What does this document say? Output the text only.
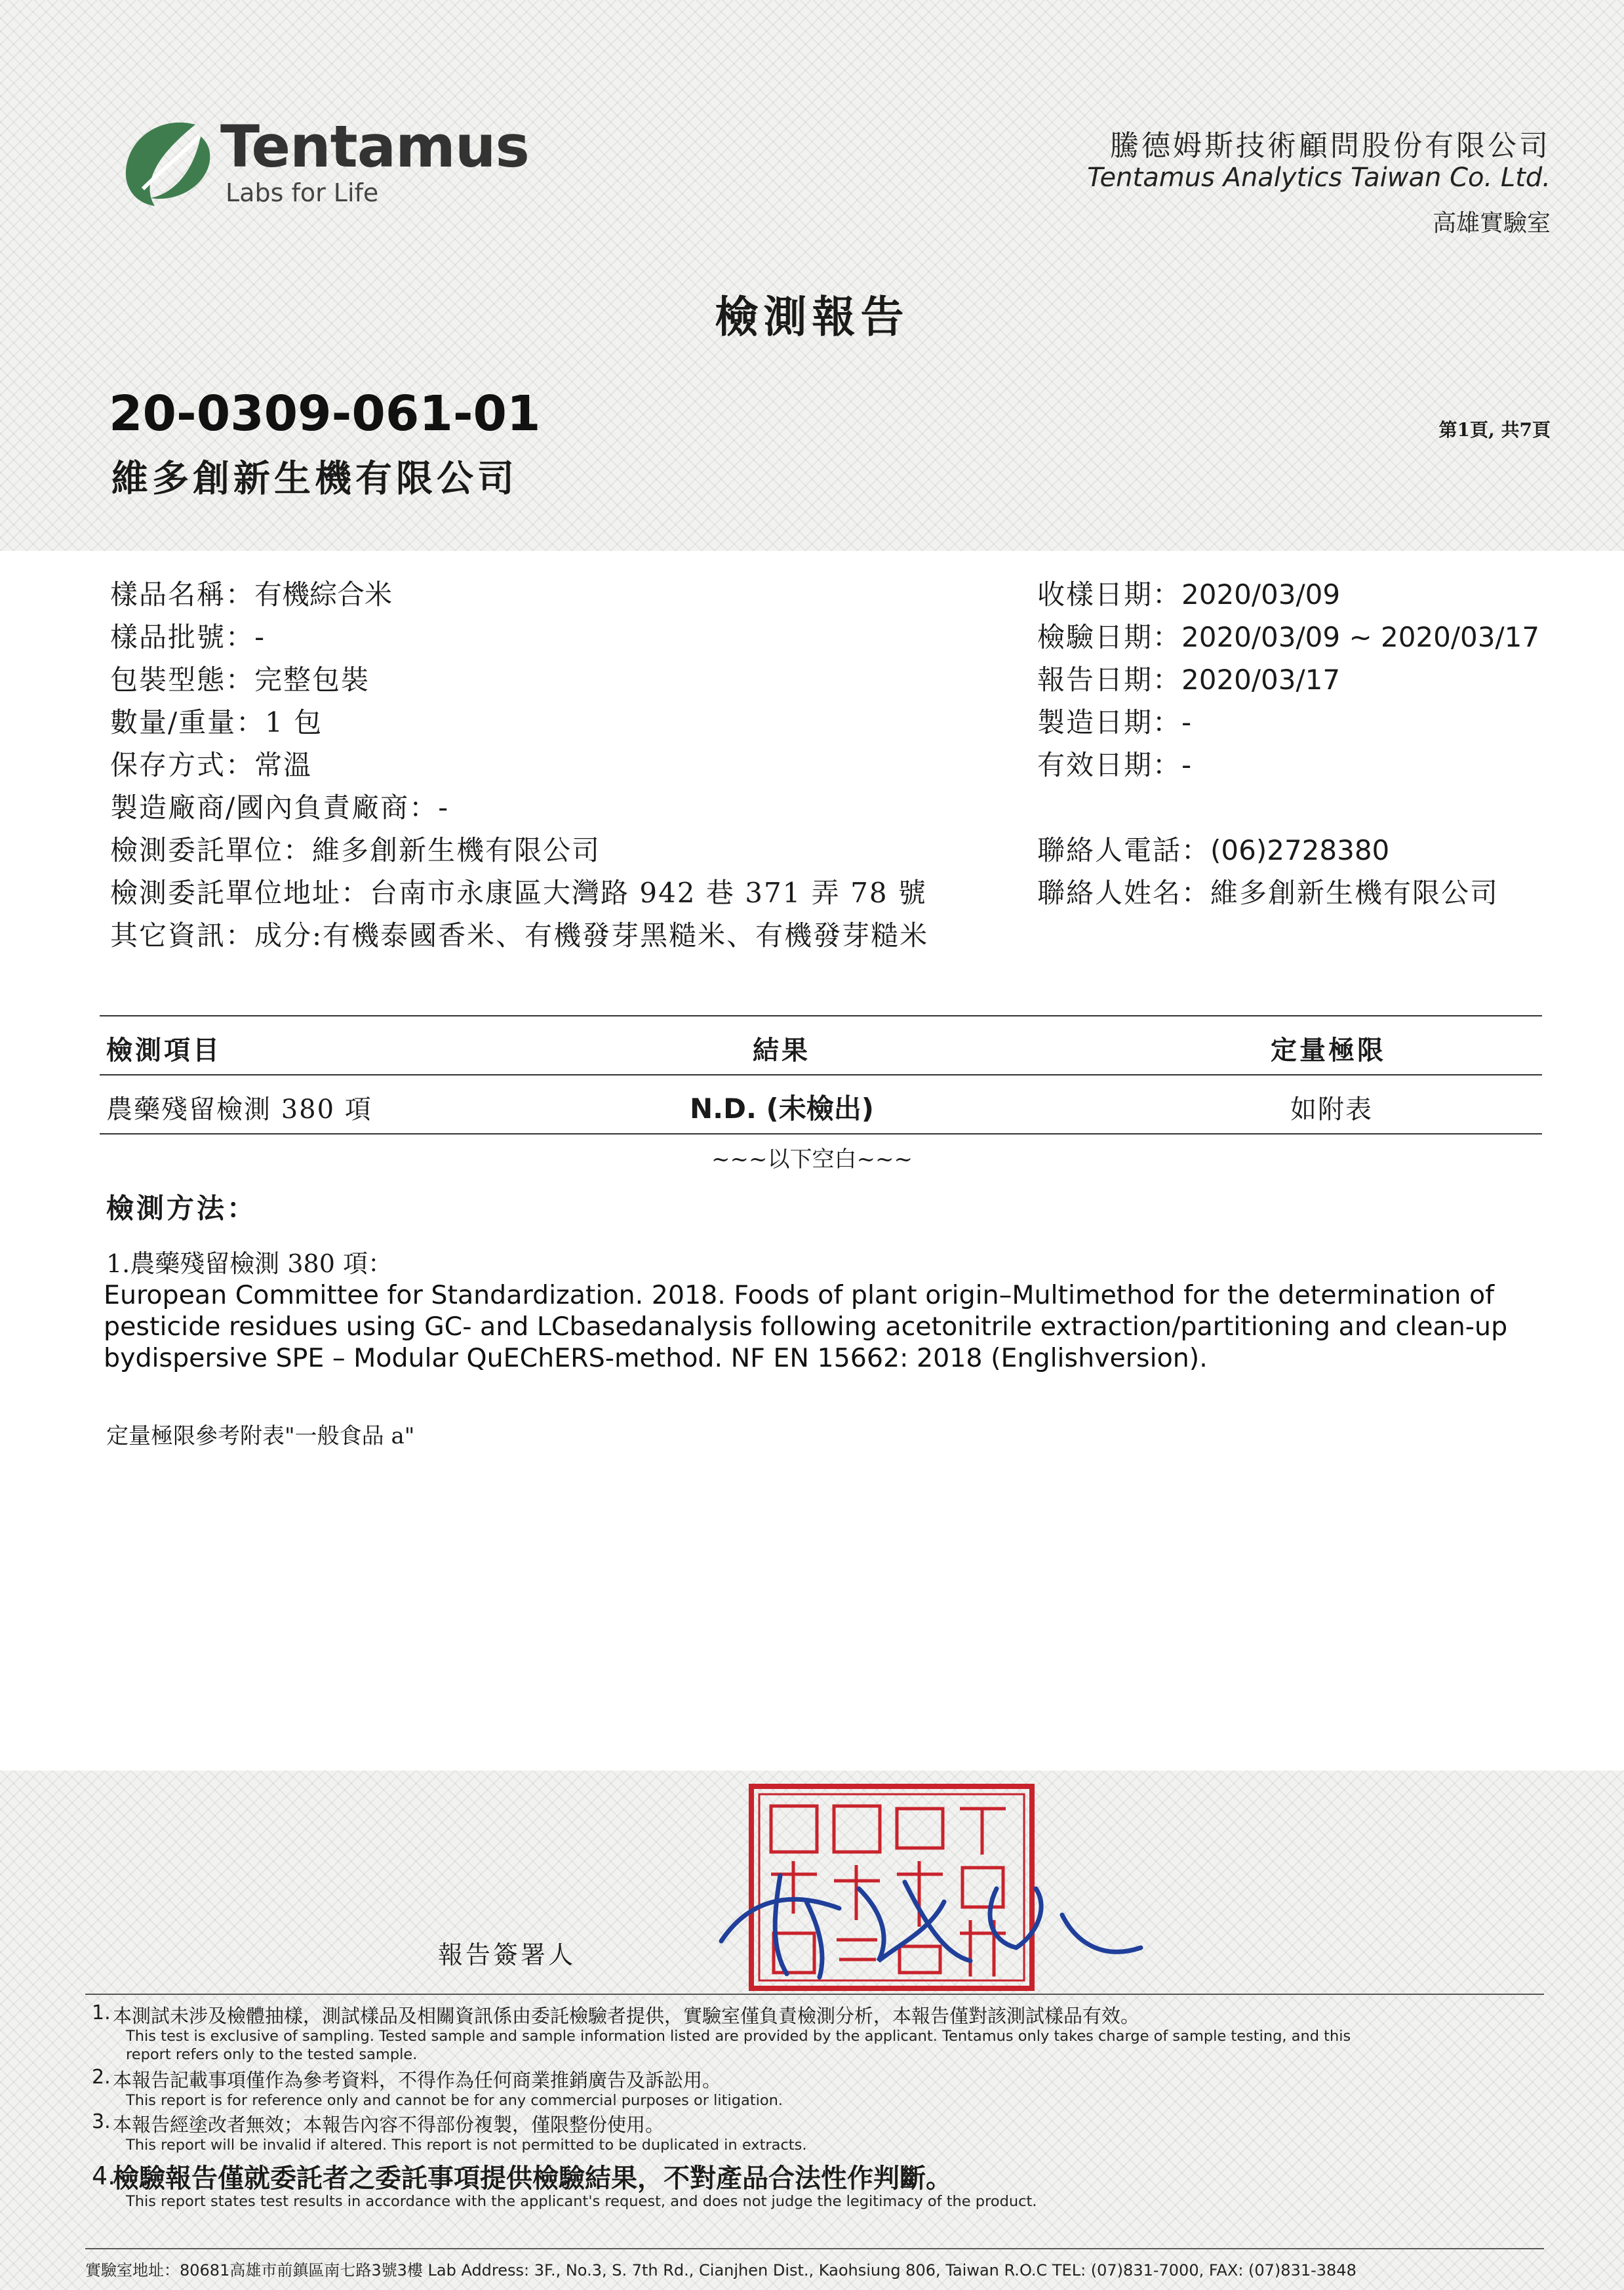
Tentamus
Labs for Life
騰德姆斯技術顧問股份有限公司
Tentamus Analytics Taiwan Co. Ltd.
高雄實驗室
檢測報告
20-0309-061-01	第1頁, 共7頁
維多創新生機有限公司
樣品名稱：有機綜合米
樣品批號：-
包裝型態：完整包裝
數量/重量：1 包
保存方式：常溫
製造廠商/國內負責廠商：-
檢測委託單位：維多創新生機有限公司
檢測委託單位地址：台南市永康區大灣路 942 巷 371 弄 78 號
其它資訊：成分:有機泰國香米、有機發芽黑糙米、有機發芽糙米
收樣日期：2020/03/09
檢驗日期：2020/03/09 ~ 2020/03/17
報告日期：2020/03/17
製造日期：-
有效日期：-
聯絡人電話：(06)2728380
聯絡人姓名：維多創新生機有限公司
檢測項目	結果	定量極限
農藥殘留檢測 380 項	N.D. (未檢出)	如附表
~~~以下空白~~~
檢測方法：
1.農藥殘留檢測 380 項：
European Committee for Standardization. 2018. Foods of plant origin–Multimethod for the determination of
pesticide residues using GC- and LCbasedanalysis following acetonitrile extraction/partitioning and clean-up
bydispersive SPE – Modular QuEChERS-method. NF EN 15662: 2018 (Englishversion).
定量極限參考附表"一般食品 a"
報告簽署人
1. 本測試未涉及檢體抽樣，測試樣品及相關資訊係由委託檢驗者提供，實驗室僅負責檢測分析，本報告僅對該測試樣品有效。
This test is exclusive of sampling. Tested sample and sample information listed are provided by the applicant. Tentamus only takes charge of sample testing, and this
report refers only to the tested sample.
2. 本報告記載事項僅作為參考資料，不得作為任何商業推銷廣告及訴訟用。
This report is for reference only and cannot be for any commercial purposes or litigation.
3. 本報告經塗改者無效；本報告內容不得部份複製，僅限整份使用。
This report will be invalid if altered. This report is not permitted to be duplicated in extracts.
4.
檢驗報告僅就委託者之委託事項提供檢驗結果，不對產品合法性作判斷。
This report states test results in accordance with the applicant's request, and does not judge the legitimacy of the product.
實驗室地址：80681高雄市前鎮區南七路3號3樓 Lab Address: 3F., No.3, S. 7th Rd., Cianjhen Dist., Kaohsiung 806, Taiwan R.O.C TEL: (07)831-7000, FAX: (07)831-3848
